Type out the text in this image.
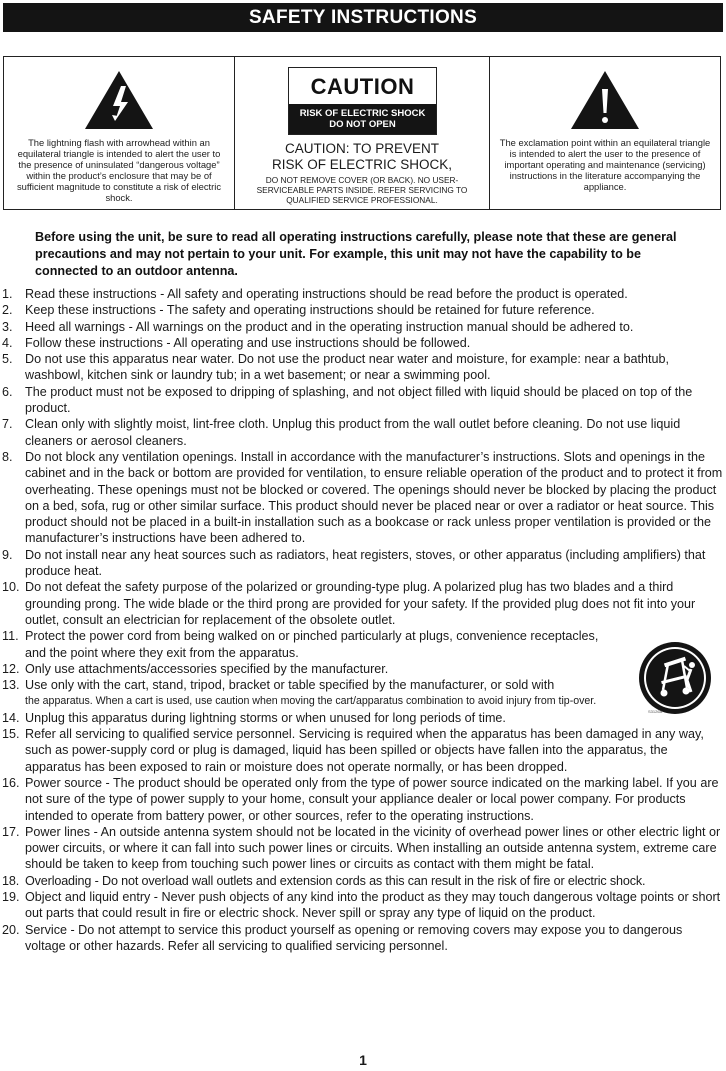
SAFETY INSTRUCTIONS
The lightning flash with arrowhead within an equilateral triangle is intended to alert the user to the presence of uninsulated “dangerous voltage” within the product’s enclosure that may be of sufficient magnitude to constitute a risk of electric shock.
CAUTION
RISK OF ELECTRIC SHOCK
DO NOT OPEN
CAUTION: TO PREVENT
RISK OF ELECTRIC SHOCK,
DO NOT REMOVE COVER (OR BACK). NO USER-SERVICEABLE PARTS INSIDE. REFER SERVICING TO QUALIFIED SERVICE PROFESSIONAL.
The exclamation point within an equilateral triangle is intended to alert the user to the presence of important operating and maintenance (servicing) instructions in the literature accompanying the appliance.
Before using the unit, be sure to read all operating instructions carefully, please note that these are general precautions and may not pertain to your unit. For example, this unit may not have the capability to be connected to an outdoor antenna.
1. Read these instructions - All safety and operating instructions should be read before the product is operated.
2. Keep these instructions - The safety and operating instructions should be retained for future reference.
3. Heed all warnings - All warnings on the product and in the operating instruction manual should be adhered to.
4. Follow these instructions - All operating and use instructions should be followed.
5. Do not use this apparatus near water. Do not use the product near water and moisture, for example: near a bathtub, washbowl, kitchen sink or laundry tub; in a wet basement; or near a swimming pool.
6. The product must not be exposed to dripping of splashing, and not object filled with liquid should be placed on top of the product.
7. Clean only with slightly moist, lint-free cloth. Unplug this product from the wall outlet before cleaning. Do not use liquid cleaners or aerosol cleaners.
8. Do not block any ventilation openings. Install in accordance with the manufacturer’s instructions. Slots and openings in the cabinet and in the back or bottom are provided for ventilation, to ensure reliable operation of the product and to protect it from overheating. These openings must not be blocked or covered. The openings should never be blocked by placing the product on a bed, sofa, rug or other similar surface. This product should never be placed near or over a radiator or heat source. This product should not be placed in a built-in installation such as a bookcase or rack unless proper ventilation is provided or the manufacturer’s instructions have been adhered to.
9. Do not install near any heat sources such as radiators, heat registers, stoves, or other apparatus (including amplifiers) that produce heat.
10. Do not defeat the safety purpose of the polarized or grounding-type plug. A polarized plug has two blades and a third grounding prong. The wide blade or the third prong are provided for your safety. If the provided plug does not fit into your outlet, consult an electrician for replacement of the obsolete outlet.
11. Protect the power cord from being walked on or pinched particularly at plugs, convenience receptacles, and the point where they exit from the apparatus.
12. Only use attachments/accessories specified by the manufacturer.
13. Use only with the cart, stand, tripod, bracket or table specified by the manufacturer, or sold with
the apparatus. When a cart is used, use caution when moving the cart/apparatus combination to avoid injury from tip-over.
14. Unplug this apparatus during lightning storms or when unused for long periods of time.
15. Refer all servicing to qualified service personnel. Servicing is required when the apparatus has been damaged in any way, such as power-supply cord or plug is damaged, liquid has been spilled or objects have fallen into the apparatus, the apparatus has been exposed to rain or moisture does not operate normally, or has been dropped.
16. Power source - The product should be operated only from the type of power source indicated on the marking label. If you are not sure of the type of power supply to your home, consult your appliance dealer or local power company. For products intended to operate from battery power, or other sources, refer to the operating instructions.
17. Power lines - An outside antenna system should not be located in the vicinity of overhead power lines or other electric light or power circuits, or where it can fall into such power lines or circuits. When installing an outside antenna system, extreme care should be taken to keep from touching such power lines or circuits as contact with them might be fatal.
18. Overloading - Do not overload wall outlets and extension cords as this can result in the risk of fire or electric shock.
19. Object and liquid entry - Never push objects of any kind into the product as they may touch dangerous voltage points or short out parts that could result in fire or electric shock. Never spill or spray any type of liquid on the product.
20. Service - Do not attempt to service this product yourself as opening or removing covers may expose you to dangerous voltage or other hazards. Refer all servicing to qualified servicing personnel.
S3126A
1
